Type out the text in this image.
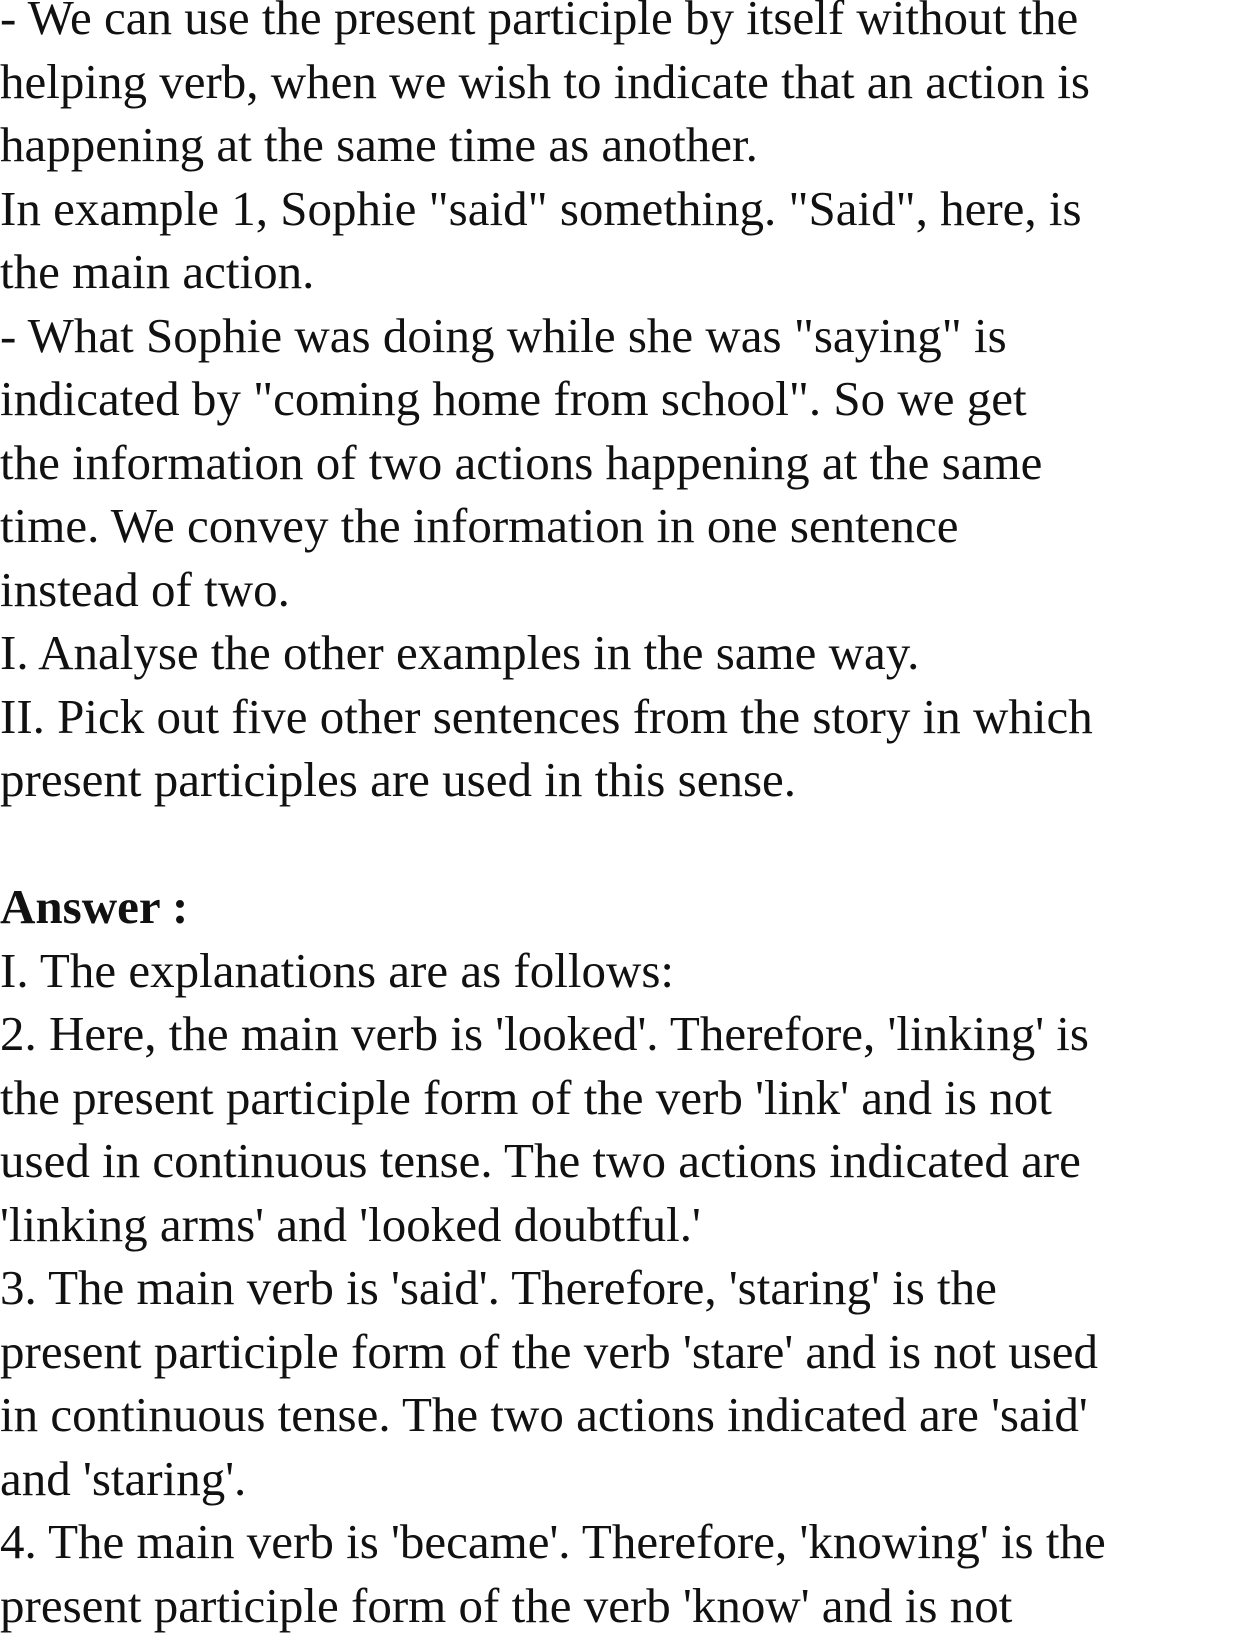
- We can use the present participle by itself without the
helping verb, when we wish to indicate that an action is
happening at the same time as another.
In example 1, Sophie "said" something. "Said", here, is
the main action.
- What Sophie was doing while she was "saying" is
indicated by "coming home from school". So we get
the information of two actions happening at the same
time. We convey the information in one sentence
instead of two.
I. Analyse the other examples in the same way.
II. Pick out five other sentences from the story in which
present participles are used in this sense.
Answer :
I. The explanations are as follows:
2. Here, the main verb is 'looked'. Therefore, 'linking' is
the present participle form of the verb 'link' and is not
used in continuous tense. The two actions indicated are
'linking arms' and 'looked doubtful.'
3. The main verb is 'said'. Therefore, 'staring' is the
present participle form of the verb 'stare' and is not used
in continuous tense. The two actions indicated are 'said'
and 'staring'.
4. The main verb is 'became'. Therefore, 'knowing' is the
present participle form of the verb 'know' and is not
